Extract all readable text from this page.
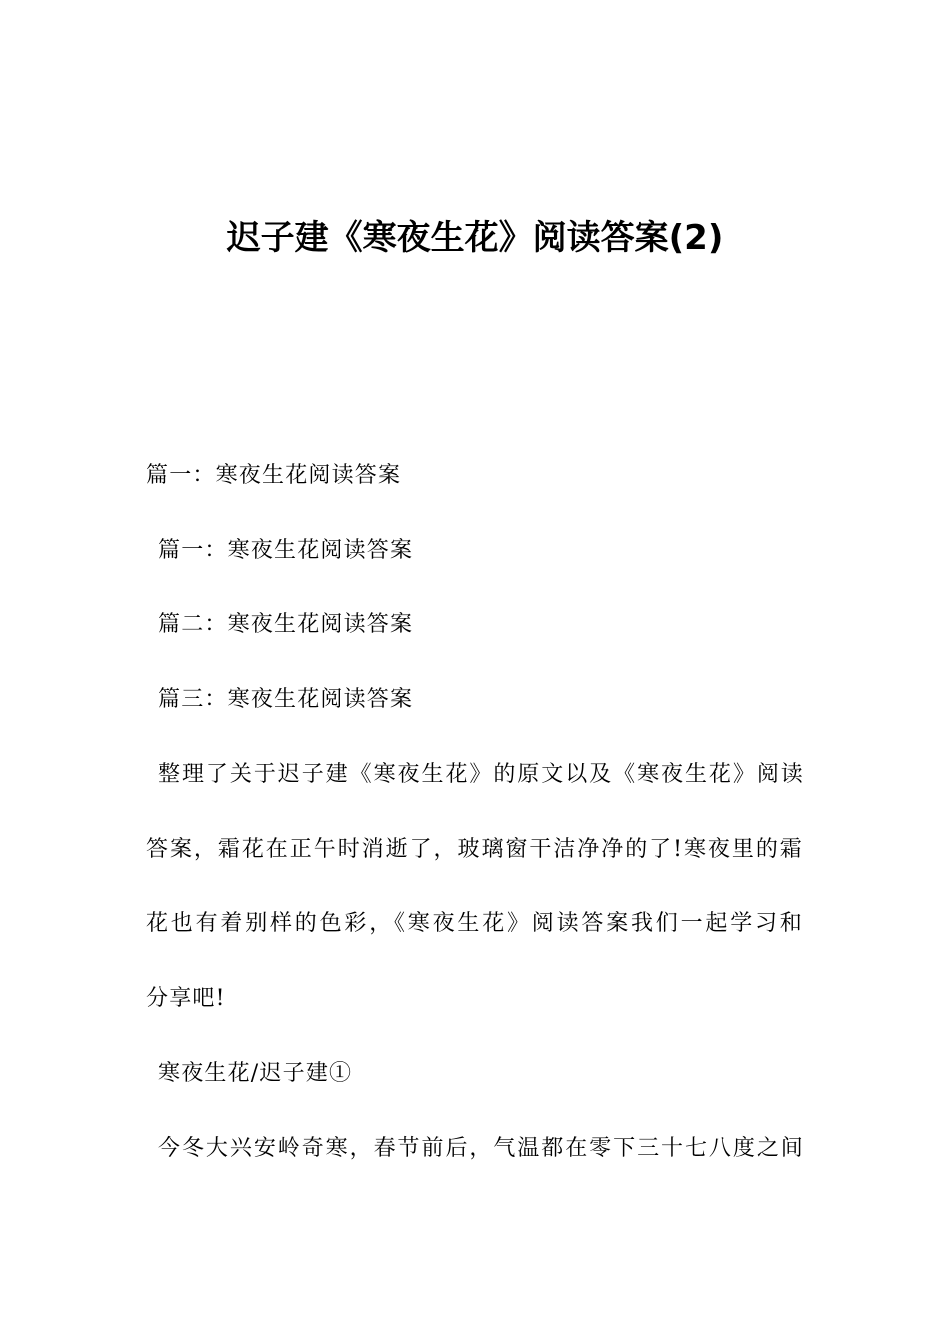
迟子建《寒夜生花》阅读答案(2)
篇一：寒夜生花阅读答案
篇一：寒夜生花阅读答案
篇二：寒夜生花阅读答案
篇三：寒夜生花阅读答案
整理了关于迟子建《寒夜生花》的原文以及《寒夜生花》阅读
答案，霜花在正午时消逝了，玻璃窗干洁净净的了!寒夜里的霜
花也有着别样的色彩，《寒夜生花》阅读答案我们一起学习和
分享吧!
寒夜生花/迟子建①
今冬大兴安岭奇寒，春节前后，气温都在零下三十七八度之间
